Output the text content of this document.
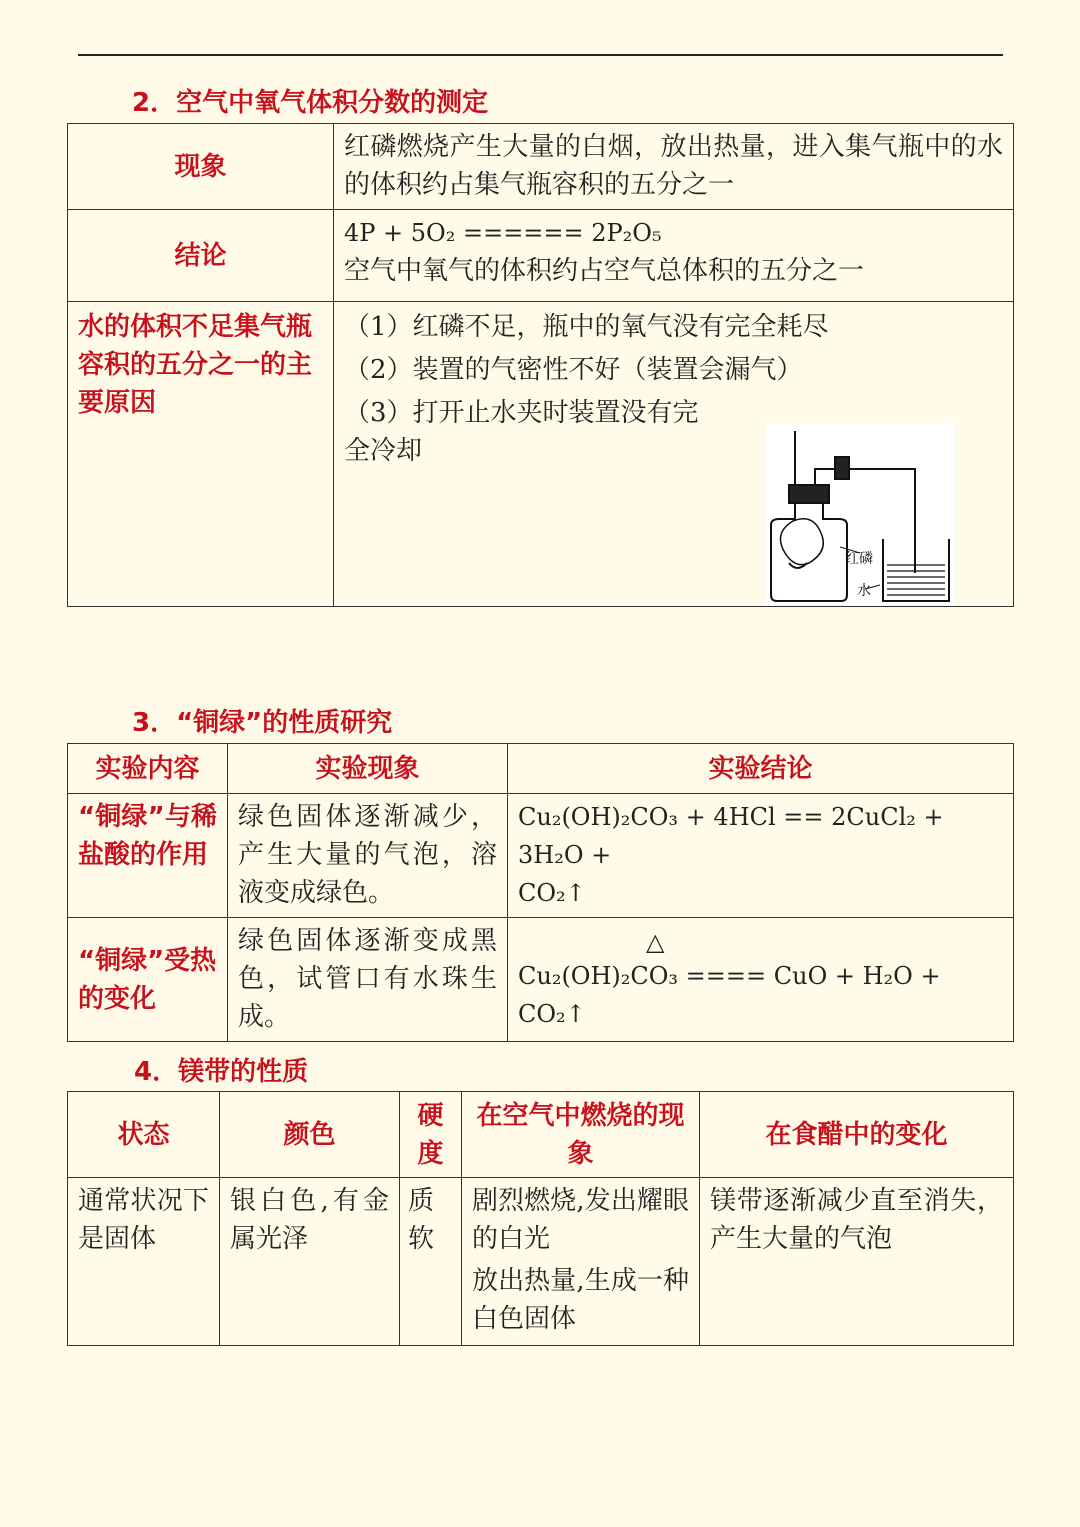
2．空气中氧气体积分数的测定
现象	红磷燃烧产生大量的白烟，放出热量，进入集气瓶中的水的体积约占集气瓶容积的五分之一
结论	4P + 5O₂ ====== 2P₂O₅
空气中氧气的体积约占空气总体积的五分之一

水的体积不足集气瓶容积的五分之一的主要原因	（1）红磷不足，瓶中的氧气没有完全耗尽
（2）装置的气密性不好（装置会漏气）
（3）打开止水夹时装置没有完
全冷却
红磷
水
3．“铜绿”的性质研究
实验内容	实验现象	实验结论
“铜绿”与稀盐酸的作用	绿色固体逐渐减少，产生大量的气泡，溶液变成绿色。	Cu₂(OH)₂CO₃ + 4HCl == 2CuCl₂ + 3H₂O +
CO₂↑

“铜绿”受热的变化	绿色固体逐渐变成黑色，试管口有水珠生成。	△
Cu₂(OH)₂CO₃ ==== CuO + H₂O + CO₂↑
4．镁带的性质
状态	颜色	硬度	在空气中燃烧的现象	在食醋中的变化
通常状况下是固体	银白色,有金属光泽	质软	剧烈燃烧,发出耀眼的白光
放出热量,生成一种白色固体	镁带逐渐减少直至消失，产生大量的气泡
